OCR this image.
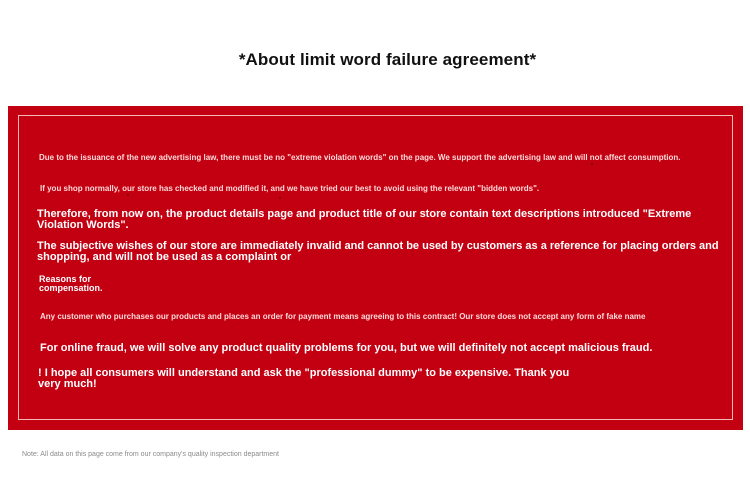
*About limit word failure agreement*

Due to the issuance of the new advertising law, there must be no "extreme violation words" on the page. We support the advertising law and will not affect consumption.

If you shop normally, our store has checked and modified it, and we have tried our best to avoid using the relevant "bidden words".

Therefore, from now on, the product details page and product title of our store contain text descriptions introduced "Extreme Violation Words".

The subjective wishes of our store are immediately invalid and cannot be used by customers as a reference for placing orders and shopping, and will not be used as a complaint or

Reasons for compensation.

Any customer who purchases our products and places an order for payment means agreeing to this contract! Our store does not accept any form of fake name

For online fraud, we will solve any product quality problems for you, but we will definitely not accept malicious fraud.

! I hope all consumers will understand and ask the "professional dummy" to be expensive. Thank you very much!

Note: All data on this page come from our company's quality inspection department
